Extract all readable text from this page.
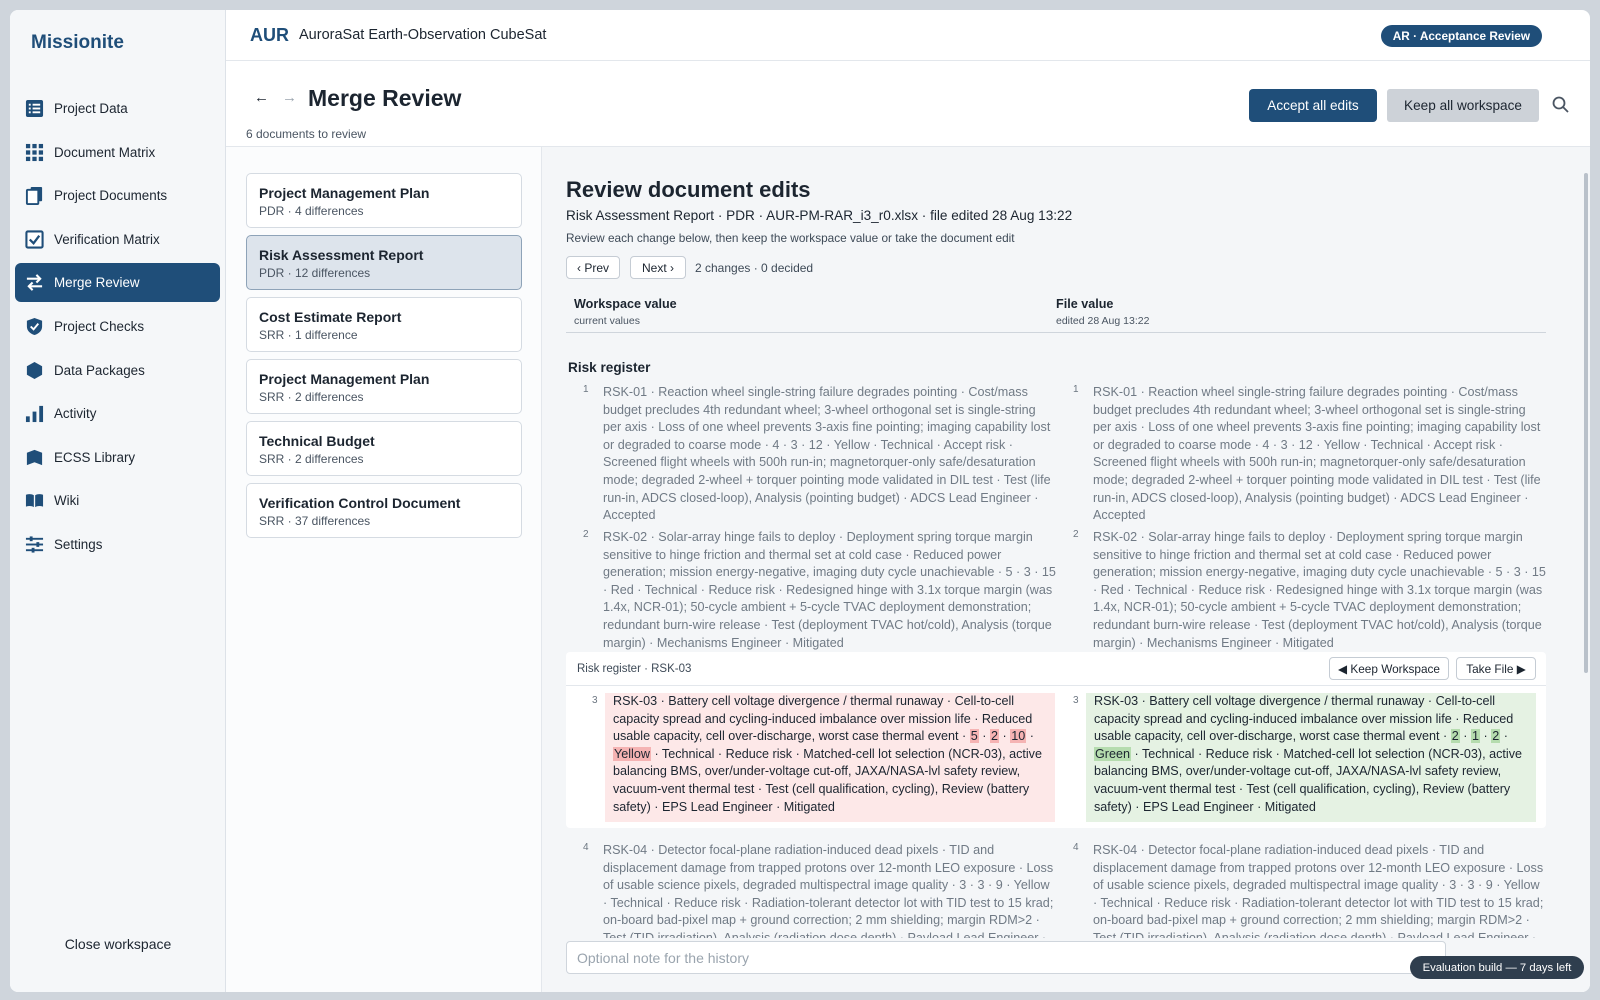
Missionite
Project Data
Document Matrix
Project Documents
Verification Matrix
Merge Review
Project Checks
Data Packages
Activity
ECSS Library
Wiki
Settings
Close workspace
AUR AuroraSat Earth-Observation CubeSat	AR · Acceptance Review
← → Merge Review
6 documents to review
Accept all edits	Keep all workspace
Project Management Plan
PDR · 4 differences
Risk Assessment Report
PDR · 12 differences
Cost Estimate Report
SRR · 1 difference
Project Management Plan
SRR · 2 differences
Technical Budget
SRR · 2 differences
Verification Control Document
SRR · 37 differences
Review document edits
Risk Assessment Report · PDR · AUR-PM-RAR_i3_r0.xlsx · file edited 28 Aug 13:22
Review each change below, then keep the workspace value or take the document edit
‹ Prev	Next ›	2 changes · 0 decided
Workspace value
current values
File value
edited 28 Aug 13:22
Risk register
1 RSK-01 · Reaction wheel single-string failure degrades pointing · Cost/mass budget precludes 4th redundant wheel; 3-wheel orthogonal set is single-string per axis · Loss of one wheel prevents 3-axis fine pointing; imaging capability lost or degraded to coarse mode · 4 · 3 · 12 · Yellow · Technical · Accept risk · Screened flight wheels with 500h run-in; magnetorquer-only safe/desaturation mode; degraded 2-wheel + torquer pointing mode validated in DIL test · Test (life run-in, ADCS closed-loop), Analysis (pointing budget) · ADCS Lead Engineer · Accepted
1 RSK-01 · Reaction wheel single-string failure degrades pointing · Cost/mass budget precludes 4th redundant wheel; 3-wheel orthogonal set is single-string per axis · Loss of one wheel prevents 3-axis fine pointing; imaging capability lost or degraded to coarse mode · 4 · 3 · 12 · Yellow · Technical · Accept risk · Screened flight wheels with 500h run-in; magnetorquer-only safe/desaturation mode; degraded 2-wheel + torquer pointing mode validated in DIL test · Test (life run-in, ADCS closed-loop), Analysis (pointing budget) · ADCS Lead Engineer · Accepted
2 RSK-02 · Solar-array hinge fails to deploy · Deployment spring torque margin sensitive to hinge friction and thermal set at cold case · Reduced power generation; mission energy-negative, imaging duty cycle unachievable · 5 · 3 · 15 · Red · Technical · Reduce risk · Redesigned hinge with 3.1x torque margin (was 1.4x, NCR-01); 50-cycle ambient + 5-cycle TVAC deployment demonstration; redundant burn-wire release · Test (deployment TVAC hot/cold), Analysis (torque margin) · Mechanisms Engineer · Mitigated
2 RSK-02 · Solar-array hinge fails to deploy · Deployment spring torque margin sensitive to hinge friction and thermal set at cold case · Reduced power generation; mission energy-negative, imaging duty cycle unachievable · 5 · 3 · 15 · Red · Technical · Reduce risk · Redesigned hinge with 3.1x torque margin (was 1.4x, NCR-01); 50-cycle ambient + 5-cycle TVAC deployment demonstration; redundant burn-wire release · Test (deployment TVAC hot/cold), Analysis (torque margin) · Mechanisms Engineer · Mitigated
Risk register · RSK-03	◀ Keep Workspace	Take File ▶
3	RSK-03 · Battery cell voltage divergence / thermal runaway · Cell-to-cell capacity spread and cycling-induced imbalance over mission life · Reduced usable capacity, cell over-discharge, worst case thermal event · 5 · 2 · 10 · Yellow · Technical · Reduce risk · Matched-cell lot selection (NCR-03), active balancing BMS, over/under-voltage cut-off, JAXA/NASA-lvl safety review, vacuum-vent thermal test · Test (cell qualification, cycling), Review (battery safety) · EPS Lead Engineer · Mitigated
3	RSK-03 · Battery cell voltage divergence / thermal runaway · Cell-to-cell capacity spread and cycling-induced imbalance over mission life · Reduced usable capacity, cell over-discharge, worst case thermal event · 2 · 1 · 2 · Green · Technical · Reduce risk · Matched-cell lot selection (NCR-03), active balancing BMS, over/under-voltage cut-off, JAXA/NASA-lvl safety review, vacuum-vent thermal test · Test (cell qualification, cycling), Review (battery safety) · EPS Lead Engineer · Mitigated
4 RSK-04 · Detector focal-plane radiation-induced dead pixels · TID and displacement damage from trapped protons over 12-month LEO exposure · Loss of usable science pixels, degraded multispectral image quality · 3 · 3 · 9 · Yellow · Technical · Reduce risk · Radiation-tolerant detector lot with TID test to 15 krad; on-board bad-pixel map + ground correction; 2 mm shielding; margin RDM>2 ·
4 RSK-04 · Detector focal-plane radiation-induced dead pixels · TID and displacement damage from trapped protons over 12-month LEO exposure · Loss of usable science pixels, degraded multispectral image quality · 3 · 3 · 9 · Yellow · Technical · Reduce risk · Radiation-tolerant detector lot with TID test to 15 krad; on-board bad-pixel map + ground correction; 2 mm shielding; margin RDM>2 ·
Optional note for the history
Evaluation build — 7 days left
